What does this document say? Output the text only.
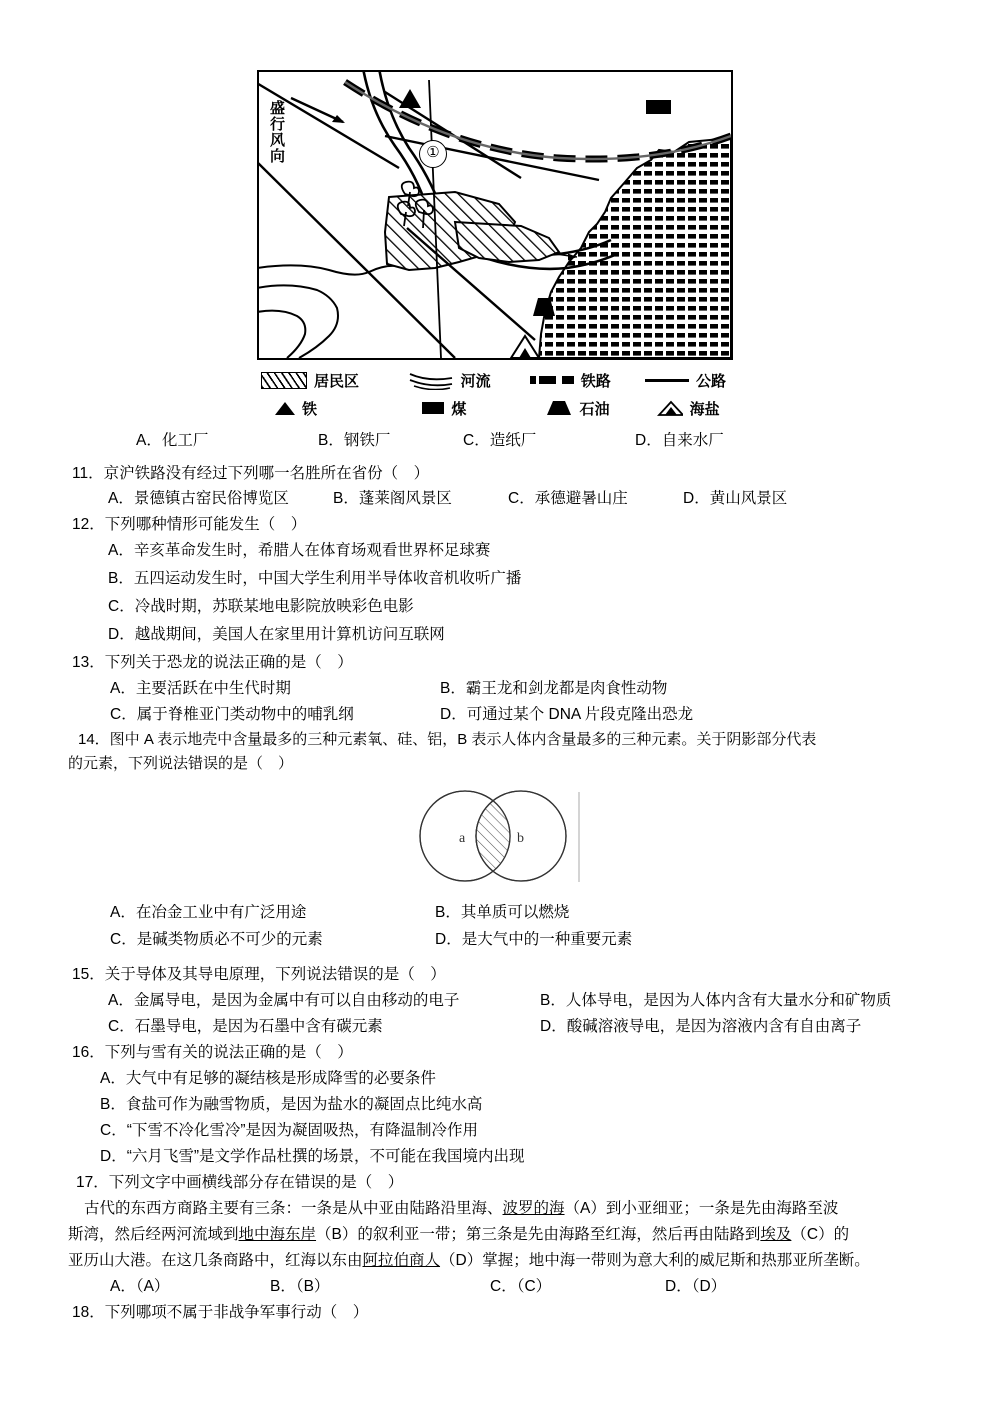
盛行风向	①
居民区	河流	铁路	公路
铁	煤	石油	海盐
A．化工厂	B．钢铁厂	C．造纸厂	D．自来水厂
11．京沪铁路没有经过下列哪一名胜所在省份（　）
A．景德镇古窑民俗博览区	B．蓬莱阁风景区	C．承德避暑山庄	D．黄山风景区
12．下列哪种情形可能发生（　）
A．辛亥革命发生时，希腊人在体育场观看世界杯足球赛
B．五四运动发生时，中国大学生利用半导体收音机收听广播
C．冷战时期，苏联某地电影院放映彩色电影
D．越战期间，美国人在家里用计算机访问互联网
13．下列关于恐龙的说法正确的是（　）
A．主要活跃在中生代时期	B．霸王龙和剑龙都是肉食性动物
C．属于脊椎亚门类动物中的哺乳纲	D．可通过某个 DNA 片段克隆出恐龙
14．图中 A 表示地壳中含量最多的三种元素氧、硅、铝，B 表示人体内含量最多的三种元素。关于阴影部分代表
的元素，下列说法错误的是（　）
a	b
A．在冶金工业中有广泛用途	B．其单质可以燃烧
C．是碱类物质必不可少的元素	D．是大气中的一种重要元素
15．关于导体及其导电原理，下列说法错误的是（　）
A．金属导电，是因为金属中有可以自由移动的电子	B．人体导电，是因为人体内含有大量水分和矿物质
C．石墨导电，是因为石墨中含有碳元素	D．酸碱溶液导电，是因为溶液内含有自由离子
16．下列与雪有关的说法正确的是（　）
A．大气中有足够的凝结核是形成降雪的必要条件
B．食盐可作为融雪物质，是因为盐水的凝固点比纯水高
C．“下雪不冷化雪冷”是因为凝固吸热，有降温制冷作用
D．“六月飞雪”是文学作品杜撰的场景，不可能在我国境内出现
17．下列文字中画横线部分存在错误的是（　）
古代的东西方商路主要有三条：一条是从中亚由陆路沿里海、波罗的海（A）到小亚细亚；一条是先由海路至波
斯湾，然后经两河流域到地中海东岸（B）的叙利亚一带；第三条是先由海路至红海，然后再由陆路到埃及（C）的
亚历山大港。在这几条商路中，红海以东由阿拉伯商人（D）掌握；地中海一带则为意大利的威尼斯和热那亚所垄断。
A．（A）	B．（B）	C．（C）	D．（D）
18．下列哪项不属于非战争军事行动（　）
